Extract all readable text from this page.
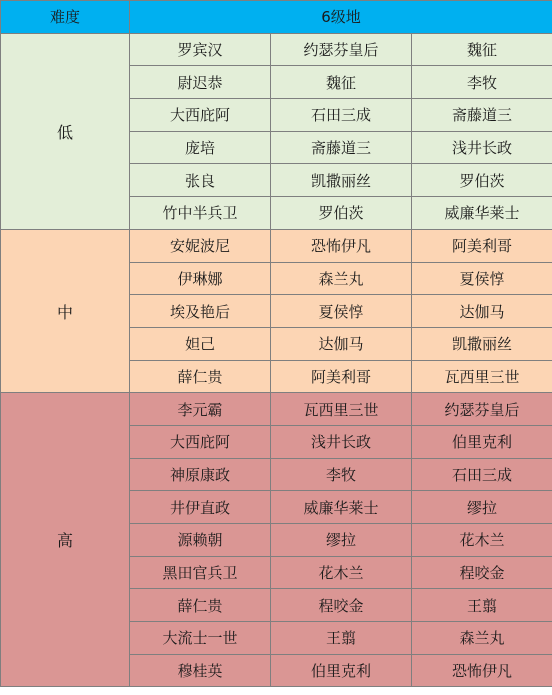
难度	6级地		
低	罗宾汉	约瑟芬皇后	魏征
	尉迟恭	魏征	李牧
	大西庇阿	石田三成	斋藤道三
	庞培	斋藤道三	浅井长政
	张良	凯撒丽丝	罗伯茨
	竹中半兵卫	罗伯茨	威廉华莱士
中	安妮波尼	恐怖伊凡	阿美利哥
	伊琳娜	森兰丸	夏侯惇
	埃及艳后	夏侯惇	达伽马
	妲己	达伽马	凯撒丽丝
	薛仁贵	阿美利哥	瓦西里三世
高	李元霸	瓦西里三世	约瑟芬皇后
	大西庇阿	浅井长政	伯里克利
	神原康政	李牧	石田三成
	井伊直政	威廉华莱士	缪拉
	源赖朝	缪拉	花木兰
	黑田官兵卫	花木兰	程咬金
	薛仁贵	程咬金	王翦
	大流士一世	王翦	森兰丸
	穆桂英	伯里克利	恐怖伊凡
